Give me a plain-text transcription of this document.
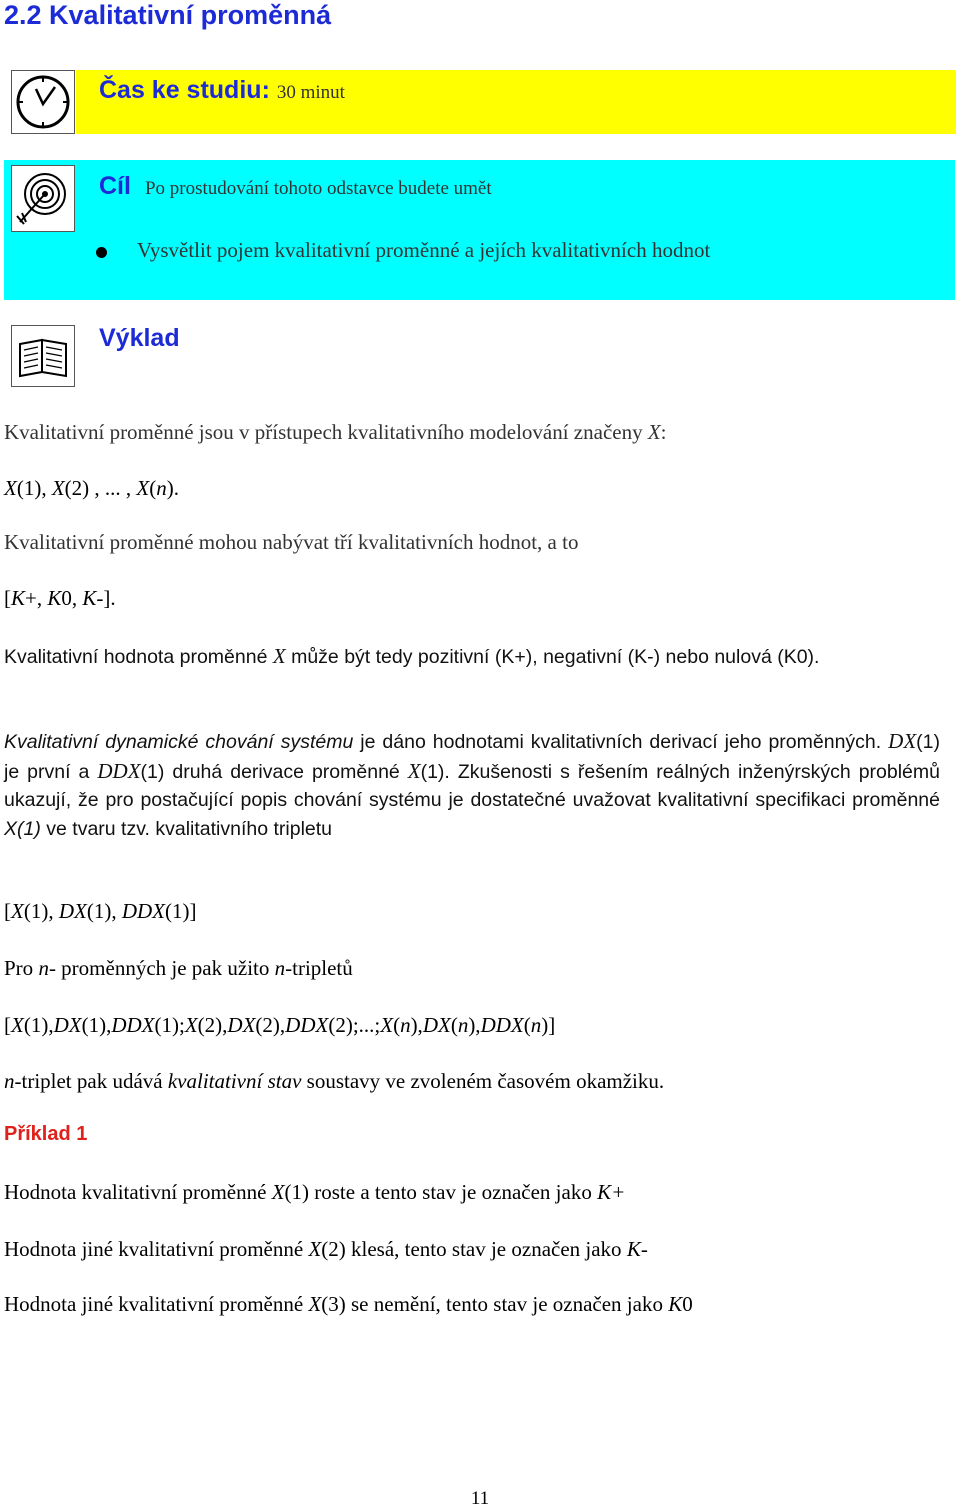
2.2 Kvalitativní proměnná
Čas ke studiu: 30 minut
Cíl Po prostudování tohoto odstavce budete umět
Vysvětlit pojem kvalitativní proměnné a jejích kvalitativních hodnot
Výklad
Kvalitativní proměnné jsou v přístupech kvalitativního modelování značeny X:
X(1), X(2) , ... , X(n).
Kvalitativní proměnné mohou nabývat tří kvalitativních hodnot, a to
[K+, K0, K-].
Kvalitativní hodnota proměnné X může být tedy pozitivní (K+), negativní (K-) nebo nulová (K0).
Kvalitativní dynamické chování systému je dáno hodnotami kvalitativních derivací jeho proměnných. DX(1) je první a DDX(1) druhá derivace proměnné X(1). Zkušenosti s řešením reálných inženýrských problémů ukazují, že pro postačující popis chování systému je dostatečné uvažovat kvalitativní specifikaci proměnné X(1) ve tvaru tzv. kvalitativního tripletu
[X(1), DX(1), DDX(1)]
Pro n- proměnných je pak užito n-tripletů
[X(1),DX(1),DDX(1);X(2),DX(2),DDX(2);...;X(n),DX(n),DDX(n)]
n-triplet pak udává kvalitativní stav soustavy ve zvoleném časovém okamžiku.
Příklad 1
Hodnota kvalitativní proměnné X(1) roste a tento stav je označen jako K+
Hodnota jiné kvalitativní proměnné X(2) klesá, tento stav je označen jako K-
Hodnota jiné kvalitativní proměnné X(3) se nemění, tento stav je označen jako K0
11
